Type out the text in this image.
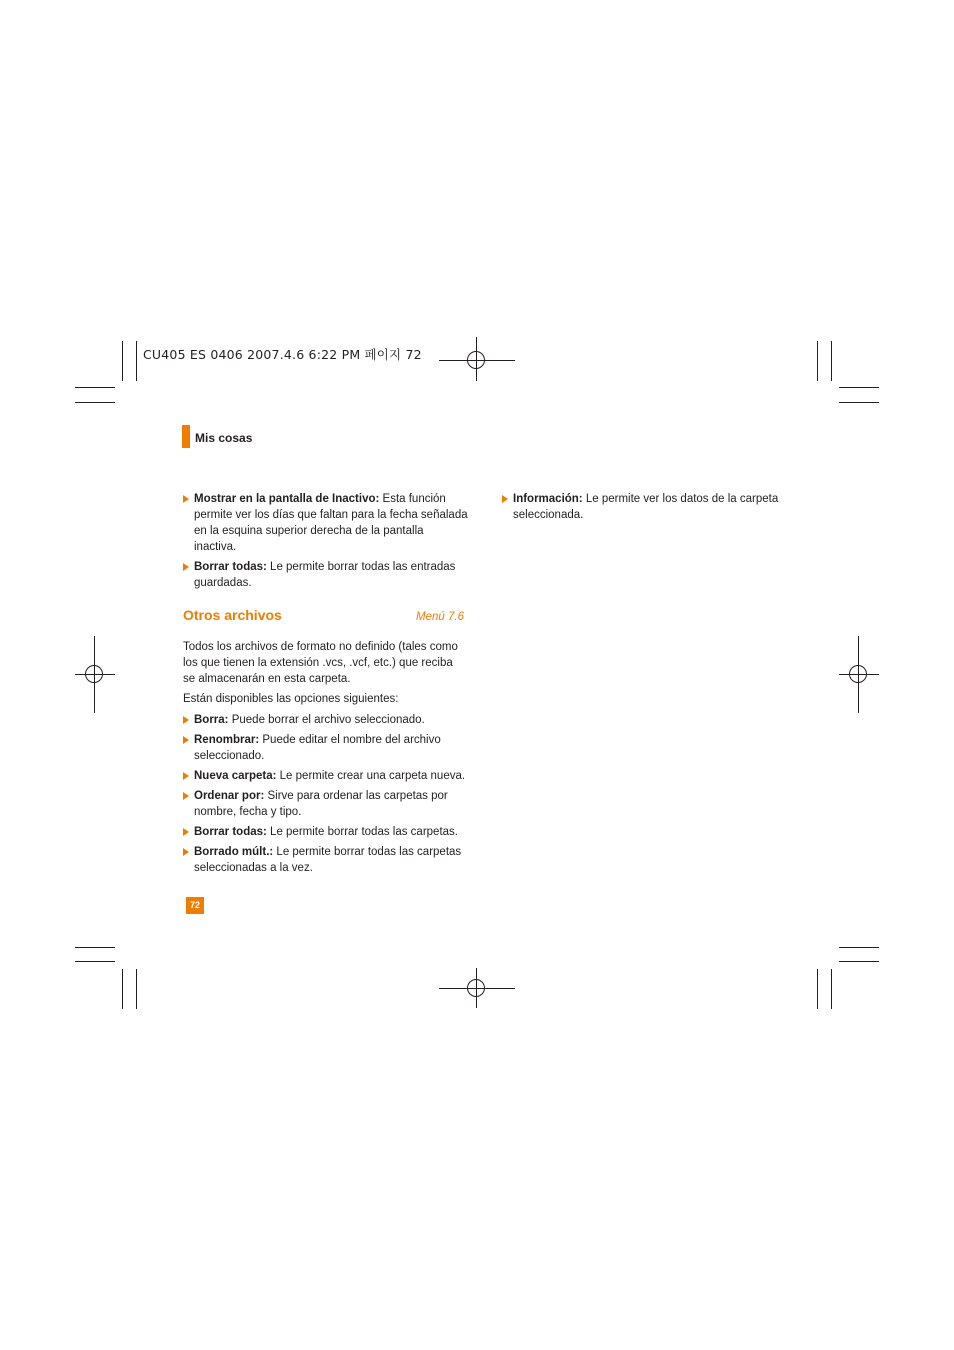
CU405 ES 0406 2007.4.6 6:22 PM 페이지 72
Mis cosas
Mostrar en la pantalla de Inactivo: Esta función permite ver los días que faltan para la fecha señalada en la esquina superior derecha de la pantalla inactiva.
Borrar todas: Le permite borrar todas las entradas guardadas.
Otros archivos	Menú 7.6
Todos los archivos de formato no definido (tales como los que tienen la extensión .vcs, .vcf, etc.) que reciba se almacenarán en esta carpeta.
Están disponibles las opciones siguientes:
Borra: Puede borrar el archivo seleccionado.
Renombrar: Puede editar el nombre del archivo seleccionado.
Nueva carpeta: Le permite crear una carpeta nueva.
Ordenar por: Sirve para ordenar las carpetas por nombre, fecha y tipo.
Borrar todas: Le permite borrar todas las carpetas.
Borrado múlt.: Le permite borrar todas las carpetas seleccionadas a la vez.
Información: Le permite ver los datos de la carpeta seleccionada.
72
